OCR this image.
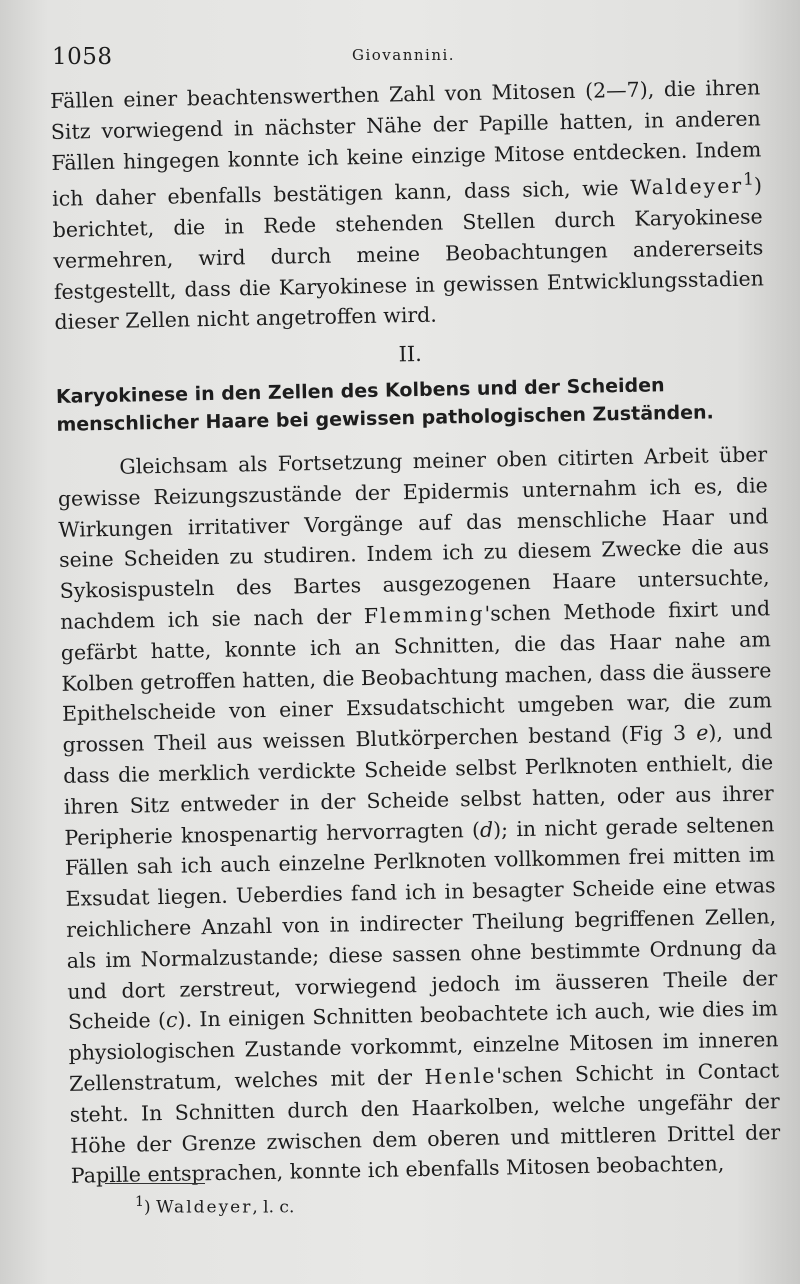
1058	Giovannini.

Fällen einer beachtenswerthen Zahl von Mitosen (2—7), die ihren Sitz vorwiegend in nächster Nähe der Papille hatten, in anderen Fällen hingegen konnte ich keine einzige Mitose entdecken. Indem ich daher ebenfalls bestätigen kann, dass sich, wie Waldeyer$^1$) berichtet, die in Rede stehenden Stellen durch Karyokinese vermehren, wird durch meine Beobachtungen andererseits festgestellt, dass die Karyokinese in gewissen Entwicklungsstadien dieser Zellen nicht angetroffen wird.

II.
Karyokinese in den Zellen des Kolbens und der Scheiden menschlicher Haare bei gewissen pathologischen Zuständen.

Gleichsam als Fortsetzung meiner oben citirten Arbeit über gewisse Reizungszustände der Epidermis unternahm ich es, die Wirkungen irritativer Vorgänge auf das menschliche Haar und seine Scheiden zu studiren. Indem ich zu diesem Zwecke die aus Sykosispusteln des Bartes ausgezogenen Haare untersuchte, nachdem ich sie nach der Flemming'schen Methode fixirt und gefärbt hatte, konnte ich an Schnitten, die das Haar nahe am Kolben getroffen hatten, die Beobachtung machen, dass die äussere Epithelscheide von einer Exsudatschicht umgeben war, die zum grossen Theil aus weissen Blutkörperchen bestand (Fig 3 e), und dass die merklich verdickte Scheide selbst Perlknoten enthielt, die ihren Sitz entweder in der Scheide selbst hatten, oder aus ihrer Peripherie knospenartig hervorragten (d); in nicht gerade seltenen Fällen sah ich auch einzelne Perlknoten vollkommen frei mitten im Exsudat liegen. Ueberdies fand ich in besagter Scheide eine etwas reichlichere Anzahl von in indirecter Theilung begriffenen Zellen, als im Normalzustande; diese sassen ohne bestimmte Ordnung da und dort zerstreut, vorwiegend jedoch im äusseren Theile der Scheide (c). In einigen Schnitten beobachtete ich auch, wie dies im physiologischen Zustande vorkommt, einzelne Mitosen im inneren Zellenstratum, welches mit der Henle'schen Schicht in Contact steht. In Schnitten durch den Haarkolben, welche ungefähr der Höhe der Grenze zwischen dem oberen und mittleren Drittel der Papille entsprachen, konnte ich ebenfalls Mitosen beobachten,

$^1$) Waldeyer, l. c.
